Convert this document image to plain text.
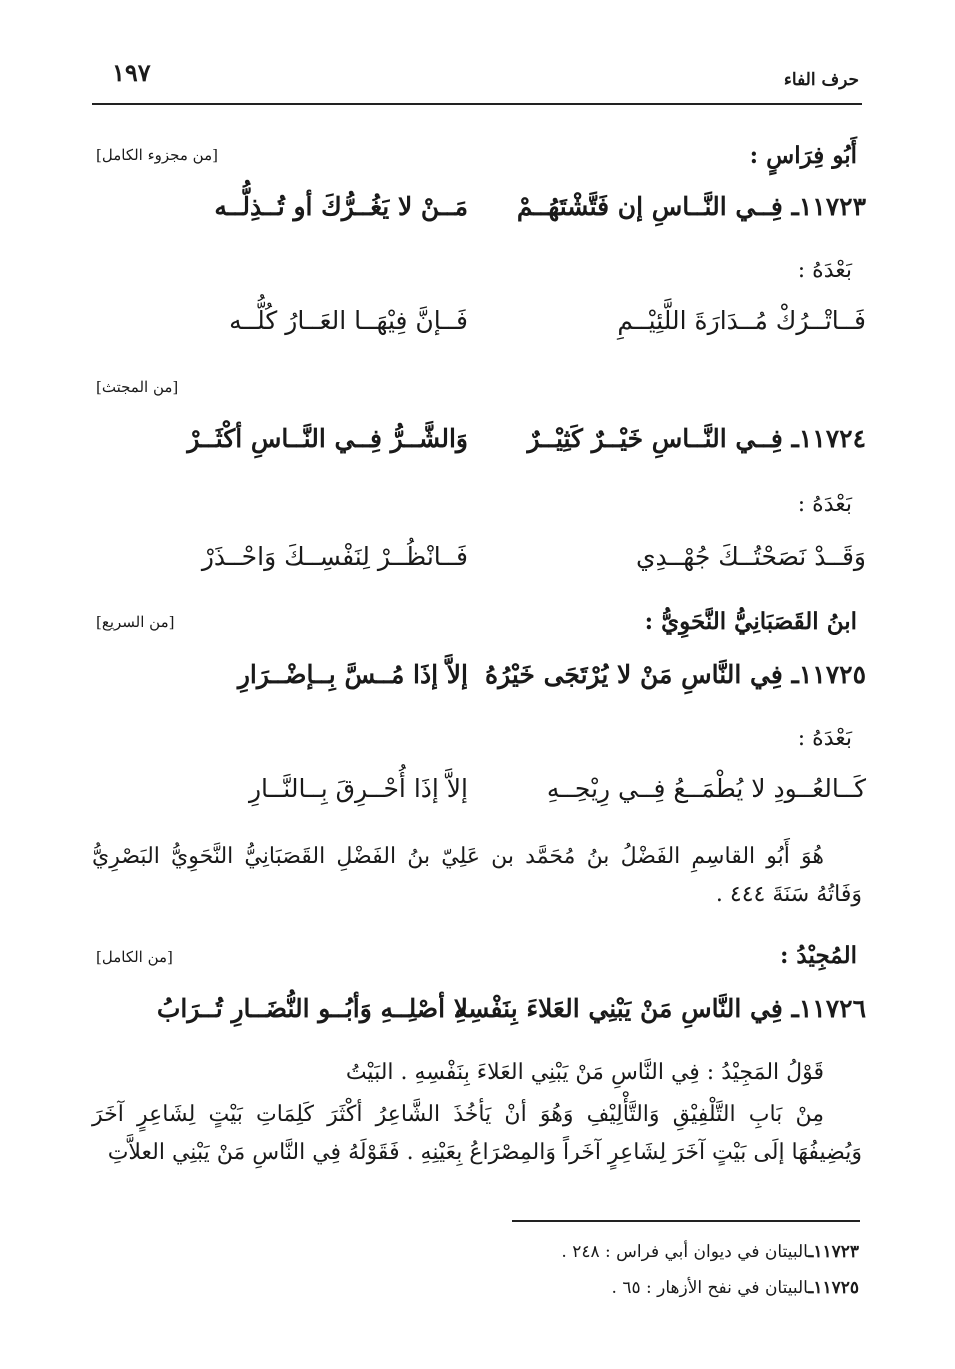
١٩٧	حرف الفاء
أَبُو فِرَاسٍ :
[من مجزوء الكامل]
١١٧٢٣ـ فِــي النَّــاسِ إن فَتَّشْتَهُــمْ
مَــنْ لا يَغُــرُّكَ أو تُــذِلُّــه
بَعْدَهُ :
فَــاتْــرُكْ مُــدَارَةَ اللَّئِيْــمِ
فَــإنَّ فِيْهَــا العَــارُ كُلُّــه
[من المجتث]
١١٧٢٤ـ فِــي النَّــاسِ خَيْــرٌ كَثِيْــرٌ
وَالشَّــرُّ فِــي النَّــاسِ أكْثَــرْ
بَعْدَهُ :
وَقَــدْ نَصَحْتُــكَ جُهْــدِي
فَــانْظُــرْ لِنَفْسِــكَ وَاحْــذَرْ
ابنُ القَصَبَانِيُّ النَّحَوِيُّ :
[من السريع]
١١٧٢٥ـ فِي النَّاسِ مَنْ لا يُرْتَجَى خَيْرُهُ
إلاَّ إذَا مُــسَّ بِــإضْــرَارِ
بَعْدَهُ :
كَــالعُــودِ لا يُطْمَــعُ فِــي رِيْحِــهِ
إلاَّ إذَا أُحْــرِقَ بِــالنَّــارِ

هُوَ أَبُو القاسِمِ الفَضْلُ بنُ مُحَمَّد بن عَلِيّ بنُ الفَضْلِ القَصَبَانِيُّ النَّحَوِيُّ البَصْرِيُّ وَفَاتُهُ سَنَةَ ٤٤٤ .

المُجِيْدُ :
[من الكامل]
١١٧٢٦ـ فِي النَّاسِ مَنْ يَبْنِي العَلاءَ بِنَفْسِهِ
لا أصْلِــهِ وَأبُــو النُّضَــارِ تُــرَابُ

قَوْلُ المَجِيْدُ : فِي النَّاسِ مَنْ يَبْنِي العَلاءَ بِنَفْسِهِ . البَيْتُ

مِنْ بَابِ التَّلْفِيْقِ وَالتَّأْلِيْفِ وَهُوَ أنْ يَأخُذَ الشَّاعِرُ أكْثَرَ كَلِمَاتِ بَيْتٍ لِشَاعِرٍ آخَرَ وَيُضِيفُهَا إلَى بَيْتٍ آخَرَ لِشَاعِرٍ آخَراً وَالمِصْرَاعُ بِعَيْنِهِ . فَقَوْلَهُ فِي النَّاسِ مَنْ يَبْنِي العلاَّتِ

١١٧٢٣ـالبيتان في ديوان أبي فراس : ٢٤٨ .
١١٧٢٥ـالبيتان في نفح الأزهار : ٦٥ .
